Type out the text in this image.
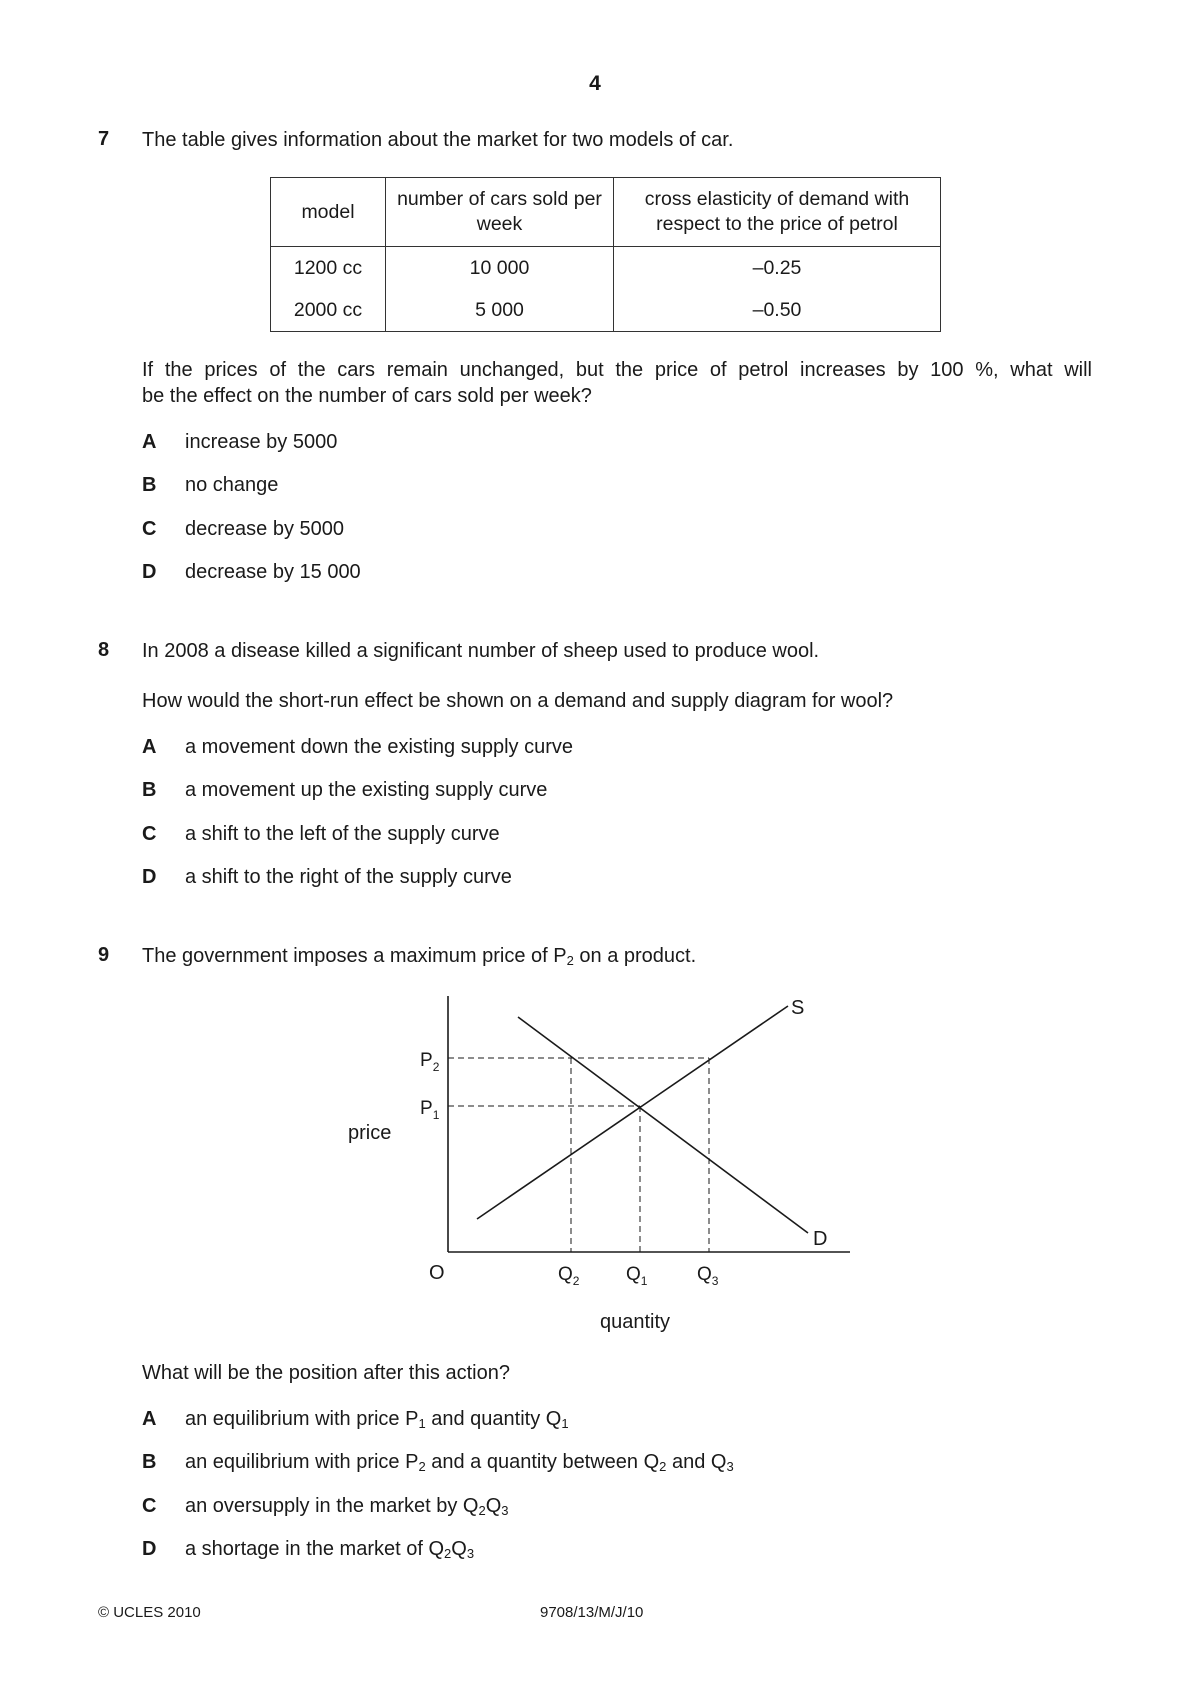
4
7 The table gives information about the market for two models of car.
model	number of cars sold per week	cross elasticity of demand with respect to the price of petrol
1200 cc	10 000	–0.25
2000 cc	5 000	–0.50
If the prices of the cars remain unchanged, but the price of petrol increases by 100 %, what will
be the effect on the number of cars sold per week?
A increase by 5000
B no change
C decrease by 5000
D decrease by 15 000
8 In 2008 a disease killed a significant number of sheep used to produce wool.
How would the short-run effect be shown on a demand and supply diagram for wool?
A a movement down the existing supply curve
B a movement up the existing supply curve
C a shift to the left of the supply curve
D a shift to the right of the supply curve
9 The government imposes a maximum price of $P_2$ on a product.
S
D
$P_2$
$P_1$
price
O	$Q_2$ $Q_1$	$Q_3$
quantity
What will be the position after this action?
A an equilibrium with price $P_1$ and quantity $Q_1$
B an equilibrium with price $P_2$ and a quantity between $Q_2$ and $Q_3$
C an oversupply in the market by $Q_2Q_3$
D a shortage in the market of $Q_2Q_3$
© UCLES 2010	9708/13/M/J/10
